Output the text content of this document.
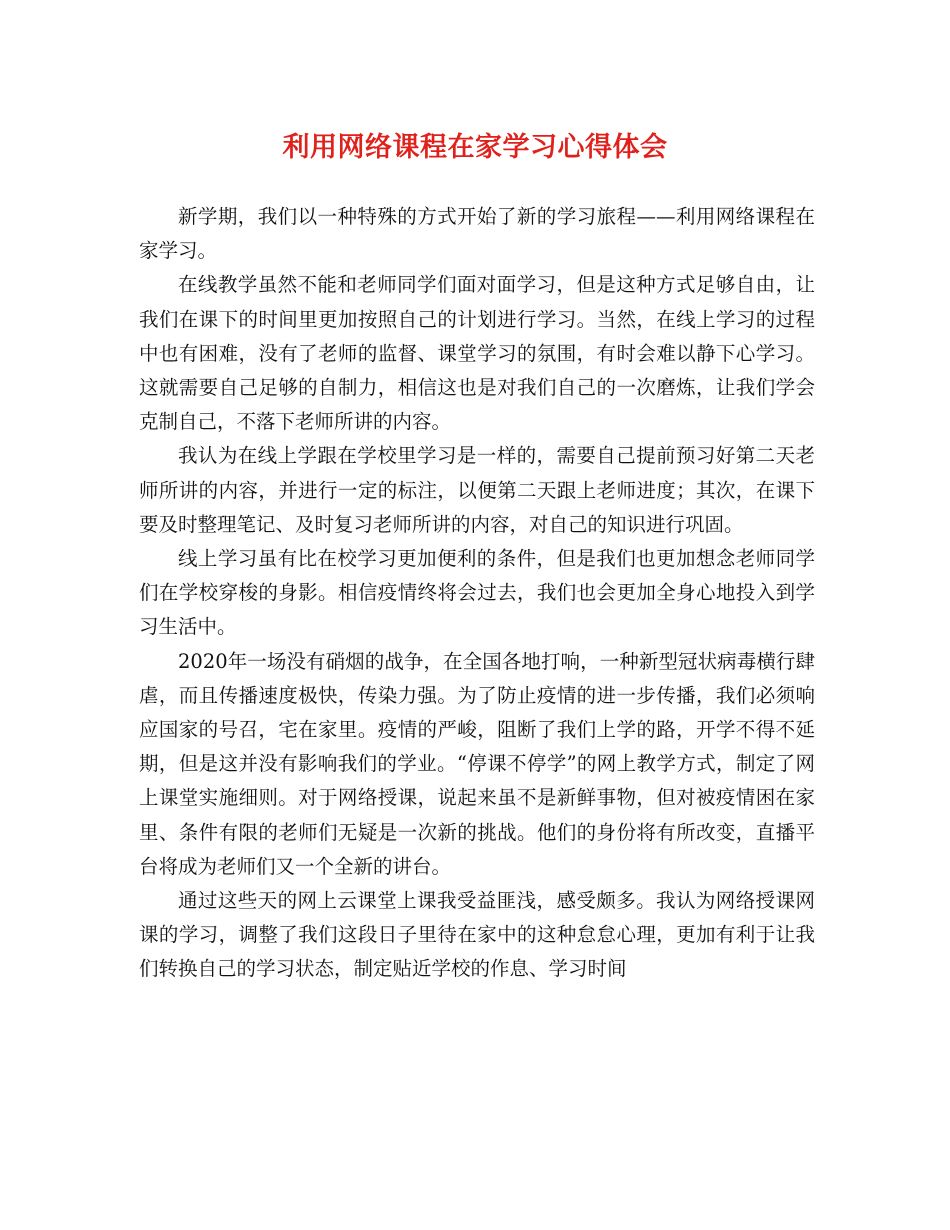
利用网络课程在家学习心得体会

新学期，我们以一种特殊的方式开始了新的学习旅程——利用网络课程在家学习。

在线教学虽然不能和老师同学们面对面学习，但是这种方式足够自由，让我们在课下的时间里更加按照自己的计划进行学习。当然，在线上学习的过程中也有困难，没有了老师的监督、课堂学习的氛围，有时会难以静下心学习。这就需要自己足够的自制力，相信这也是对我们自己的一次磨炼，让我们学会克制自己，不落下老师所讲的内容。

我认为在线上学跟在学校里学习是一样的，需要自己提前预习好第二天老师所讲的内容，并进行一定的标注，以便第二天跟上老师进度；其次，在课下要及时整理笔记、及时复习老师所讲的内容，对自己的知识进行巩固。

线上学习虽有比在校学习更加便利的条件，但是我们也更加想念老师同学们在学校穿梭的身影。相信疫情终将会过去，我们也会更加全身心地投入到学习生活中。

2020年一场没有硝烟的战争，在全国各地打响，一种新型冠状病毒横行肆虐，而且传播速度极快，传染力强。为了防止疫情的进一步传播，我们必须响应国家的号召，宅在家里。疫情的严峻，阻断了我们上学的路，开学不得不延期，但是这并没有影响我们的学业。“停课不停学”的网上教学方式，制定了网上课堂实施细则。对于网络授课，说起来虽不是新鲜事物，但对被疫情困在家里、条件有限的老师们无疑是一次新的挑战。他们的身份将有所改变，直播平台将成为老师们又一个全新的讲台。

通过这些天的网上云课堂上课我受益匪浅，感受颇多。我认为网络授课网课的学习，调整了我们这段日子里待在家中的这种怠怠心理，更加有利于让我们转换自己的学习状态，制定贴近学校的作息、学习时间
